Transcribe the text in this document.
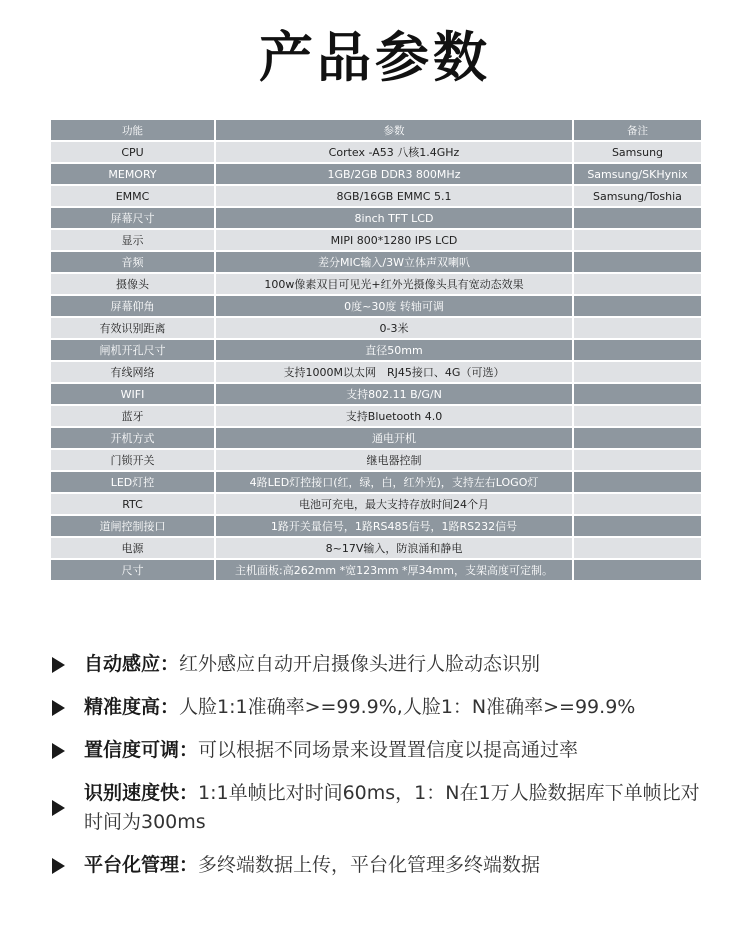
产品参数
功能	参数	备注
CPU	Cortex -A53 八核1.4GHz	Samsung
MEMORY	1GB/2GB DDR3 800MHz	Samsung/SKHynix
EMMC	8GB/16GB EMMC 5.1	Samsung/Toshia
屏幕尺寸	8inch TFT LCD	
显示	MIPI 800*1280 IPS LCD	
音频	差分MIC输入/3W立体声双喇叭	
摄像头	100w像素双目可见光+红外光摄像头具有宽动态效果	
屏幕仰角	0度~30度 转轴可调	
有效识别距离	0-3米	
闸机开孔尺寸	直径50mm	
有线网络	支持1000M以太网　RJ45接口、4G（可选）	
WIFI	支持802.11 B/G/N	
蓝牙	支持Bluetooth 4.0	
开机方式	通电开机	
门锁开关	继电器控制	
LED灯控	4路LED灯控接口(红，绿，白，红外光)，支持左右LOGO灯	
RTC	电池可充电，最大支持存放时间24个月	
道闸控制接口	1路开关量信号，1路RS485信号，1路RS232信号	
电源	8~17V输入，防浪涌和静电	
尺寸	主机面板:高262mm *宽123mm *厚34mm，支架高度可定制。	
自动感应：红外感应自动开启摄像头进行人脸动态识别
精准度高：人脸1:1准确率>=99.9%,人脸1：N准确率>=99.9%
置信度可调：可以根据不同场景来设置置信度以提高通过率
识别速度快：1:1单帧比对时间60ms，1：N在1万人脸数据库下单帧比对时间为300ms
平台化管理：多终端数据上传，平台化管理多终端数据
